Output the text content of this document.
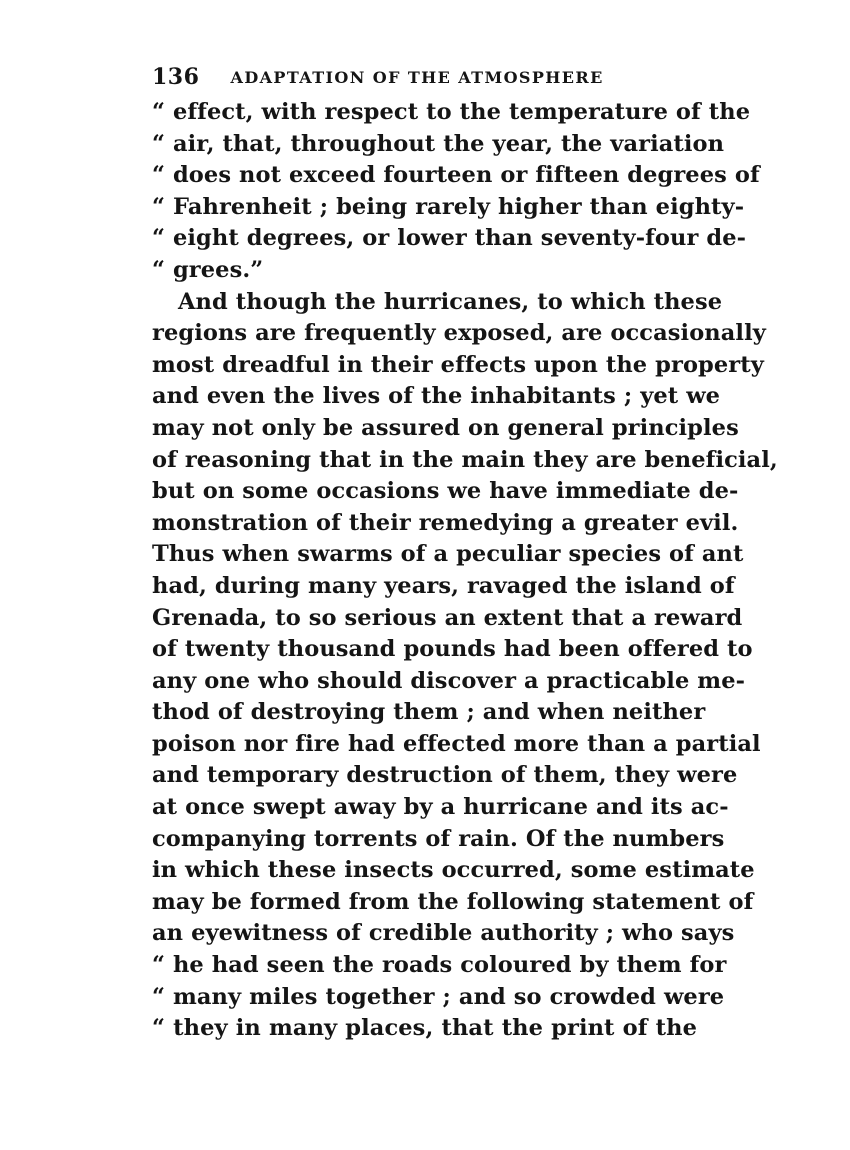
136 ADAPTATION OF THE ATMOSPHERE
“ effect, with respect to the temperature of the
“ air, that, throughout the year, the variation
“ does not exceed fourteen or fifteen degrees of
“ Fahrenheit ; being rarely higher than eighty-
“ eight degrees, or lower than seventy-four de-
“ grees.”
And though the hurricanes, to which these
regions are frequently exposed, are occasionally
most dreadful in their effects upon the property
and even the lives of the inhabitants ; yet we
may not only be assured on general principles
of reasoning that in the main they are beneficial,
but on some occasions we have immediate de-
monstration of their remedying a greater evil.
Thus when swarms of a peculiar species of ant
had, during many years, ravaged the island of
Grenada, to so serious an extent that a reward
of twenty thousand pounds had been offered to
any one who should discover a practicable me-
thod of destroying them ; and when neither
poison nor fire had effected more than a partial
and temporary destruction of them, they were
at once swept away by a hurricane and its ac-
companying torrents of rain. Of the numbers
in which these insects occurred, some estimate
may be formed from the following statement of
an eyewitness of credible authority ; who says
“ he had seen the roads coloured by them for
“ many miles together ; and so crowded were
“ they in many places, that the print of the
